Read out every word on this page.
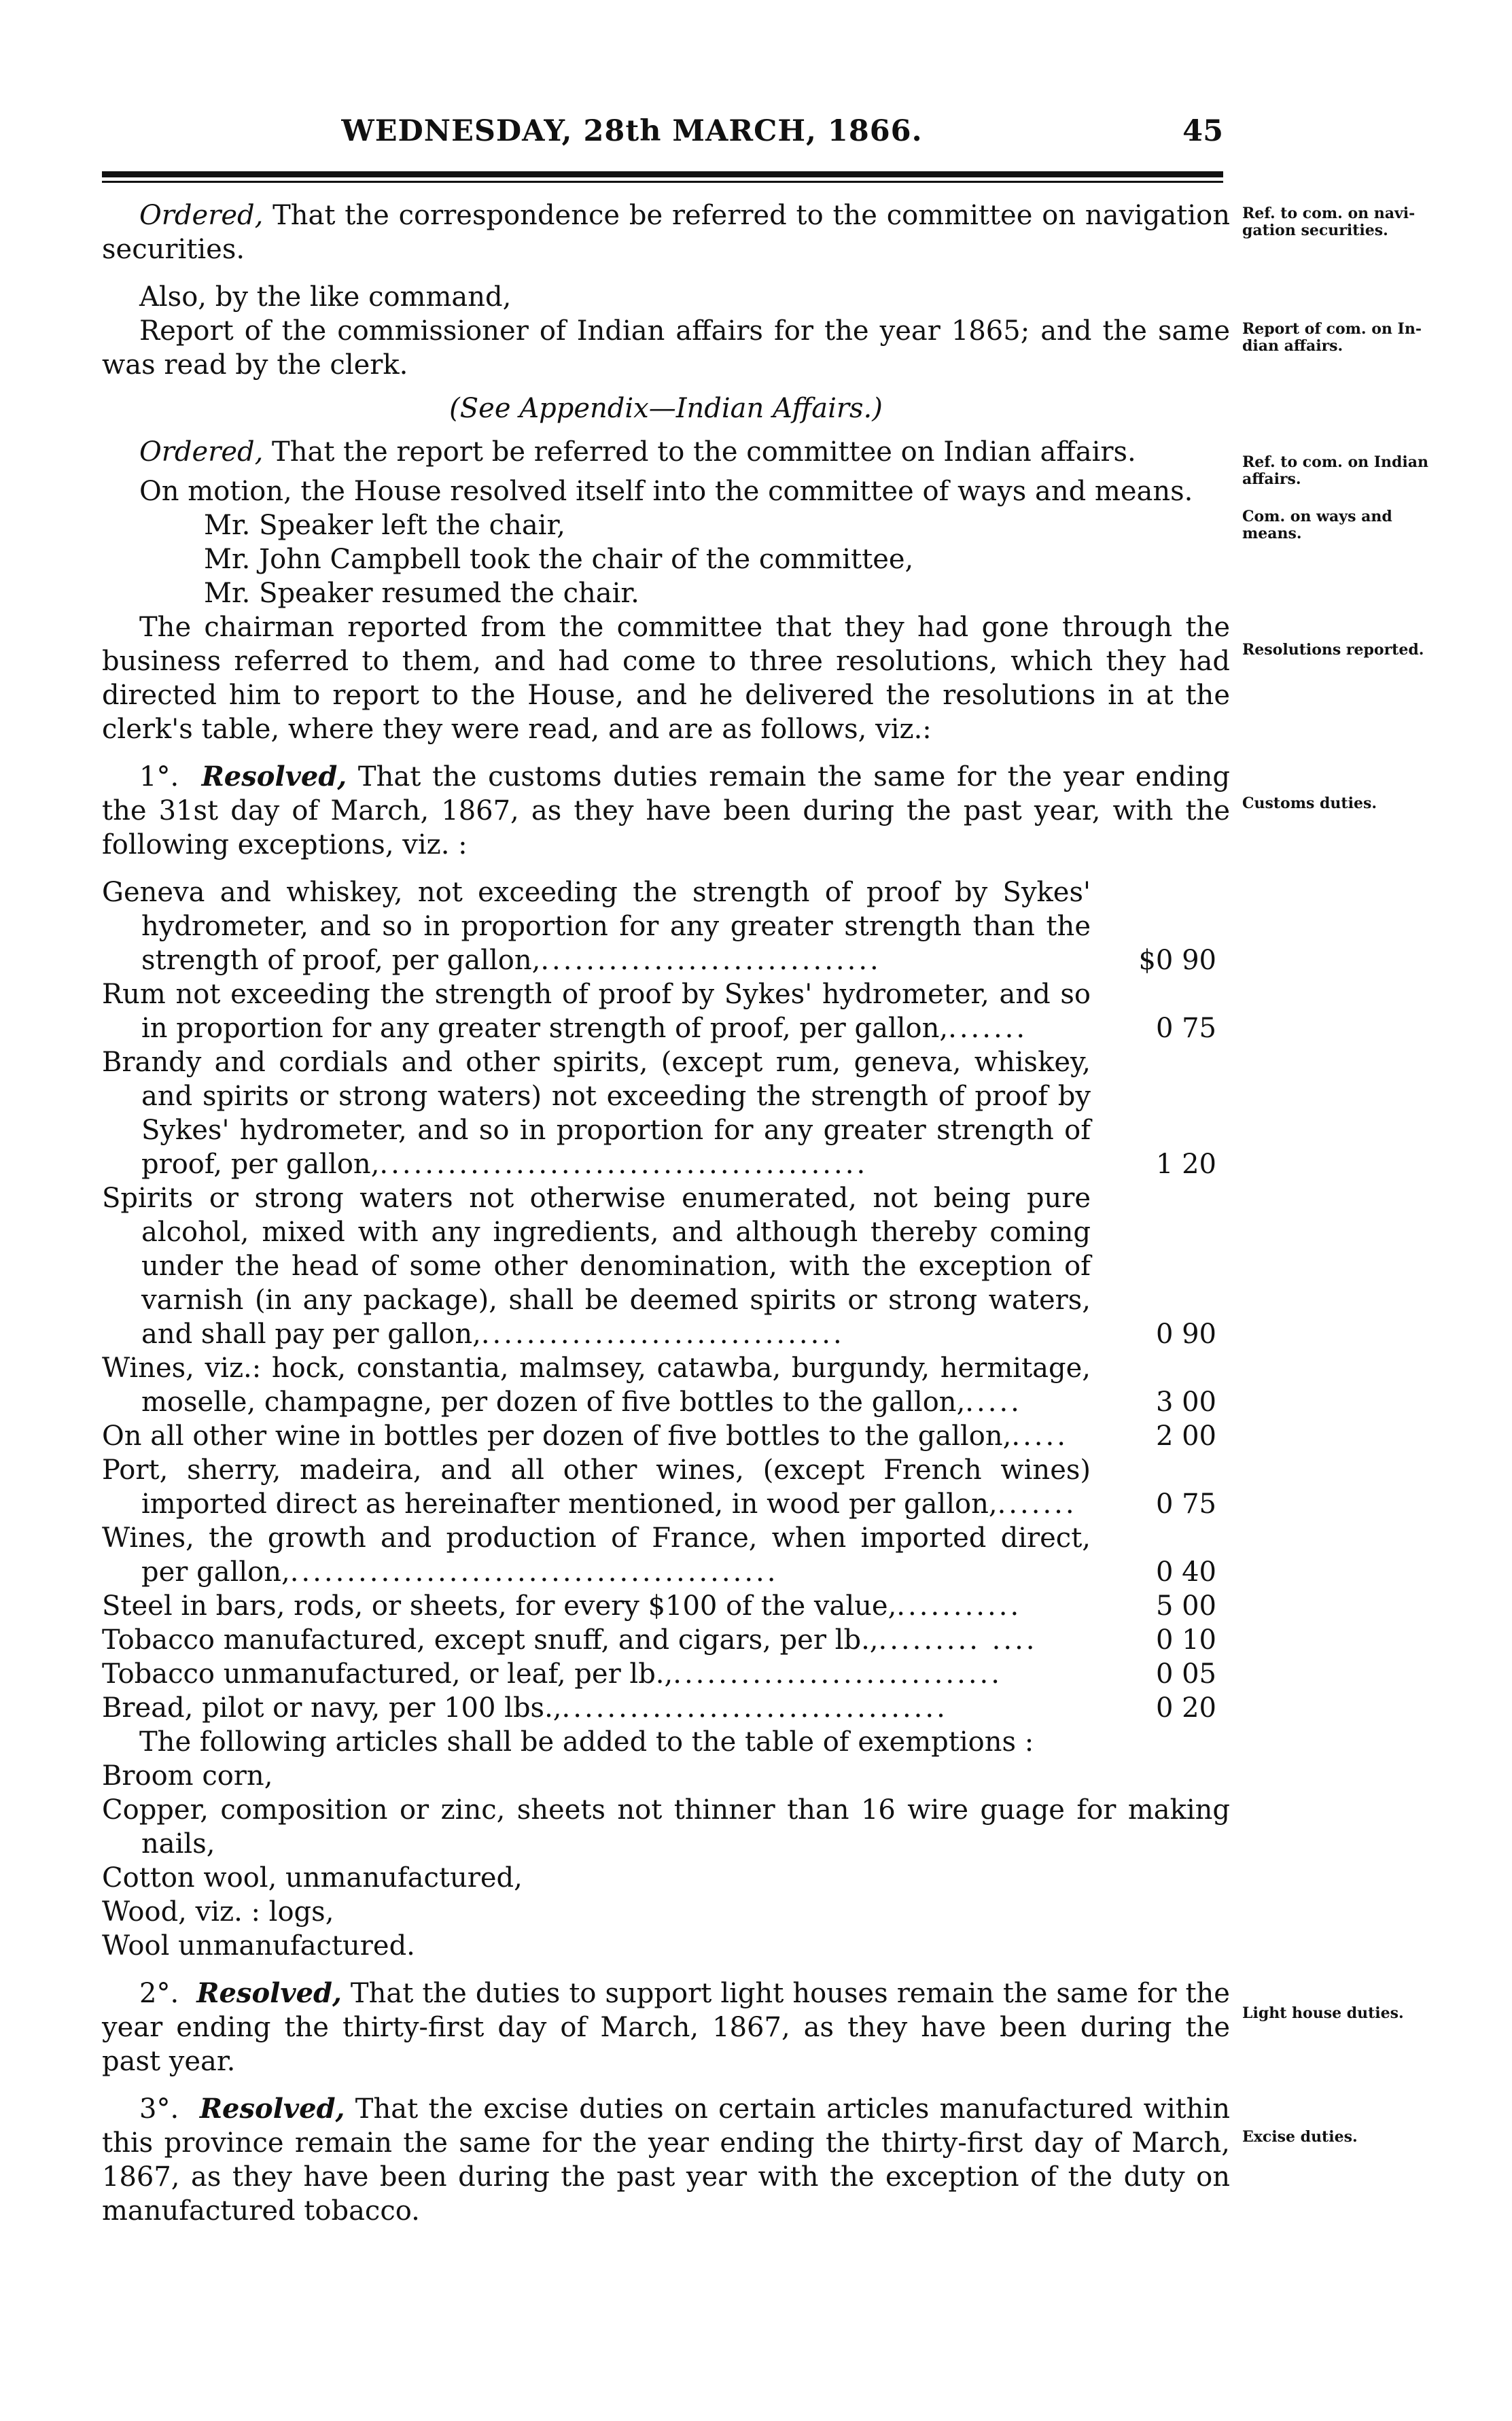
WEDNESDAY, 28th MARCH, 1866.	45
Ref. to com. on navi-gation securities.
Report of com. on In-dian affairs.
Ref. to com. on Indian affairs.
Com. on ways and means.
Resolutions reported.
Customs duties.
Light house duties.
Excise duties.

Ordered, That the correspondence be referred to the committee on navigation securities.

Also, by the like command,

Report of the commissioner of Indian affairs for the year 1865; and the same was read by the clerk.

(See Appendix—Indian Affairs.)

Ordered, That the report be referred to the committee on Indian affairs.

On motion, the House resolved itself into the committee of ways and means.

Mr. Speaker left the chair,

Mr. John Campbell took the chair of the committee,

Mr. Speaker resumed the chair.

The chairman reported from the committee that they had gone through the business referred to them, and had come to three resolutions, which they had directed him to report to the House, and he delivered the resolutions in at the clerk's table, where they were read, and are as follows, viz.:

1°. Resolved, That the customs duties remain the same for the year ending the 31st day of March, 1867, as they have been during the past year, with the following exceptions, viz. :

Geneva and whiskey, not exceeding the strength of proof by Sykes' hydrometer, and so in proportion for any greater strength than the strength of proof, per gallon,..............................	$0 90
Rum not exceeding the strength of proof by Sykes' hydrometer, and so in proportion for any greater strength of proof, per gallon,.......	0 75
Brandy and cordials and other spirits, (except rum, geneva, whiskey, and spirits or strong waters) not exceeding the strength of proof by Sykes' hydrometer, and so in proportion for any greater strength of proof, per gallon,...........................................	1 20
Spirits or strong waters not otherwise enumerated, not being pure alcohol, mixed with any ingredients, and although thereby coming under the head of some other denomination, with the exception of varnish (in any package), shall be deemed spirits or strong waters, and shall pay per gallon,................................	0 90
Wines, viz.: hock, constantia, malmsey, catawba, burgundy, hermitage, moselle, champagne, per dozen of five bottles to the gallon,.....	3 00
On all other wine in bottles per dozen of five bottles to the gallon,.....	2 00
Port, sherry, madeira, and all other wines, (except French wines) imported direct as hereinafter mentioned, in wood per gallon,.......	0 75
Wines, the growth and production of France, when imported direct, per gallon,...........................................	0 40
Steel in bars, rods, or sheets, for every $100 of the value,...........	5 00
Tobacco manufactured, except snuff, and cigars, per lb.,......... ....	0 10
Tobacco unmanufactured, or leaf, per lb.,.............................	0 05
Bread, pilot or navy, per 100 lbs.,..................................	0 20

The following articles shall be added to the table of exemptions :

Broom corn,

Copper, composition or zinc, sheets not thinner than 16 wire guage for making nails,

Cotton wool, unmanufactured,

Wood, viz. : logs,

Wool unmanufactured.

2°. Resolved, That the duties to support light houses remain the same for the year ending the thirty-first day of March, 1867, as they have been during the past year.

3°. Resolved, That the excise duties on certain articles manufactured within this province remain the same for the year ending the thirty-first day of March, 1867, as they have been during the past year with the exception of the duty on manufactured tobacco.
